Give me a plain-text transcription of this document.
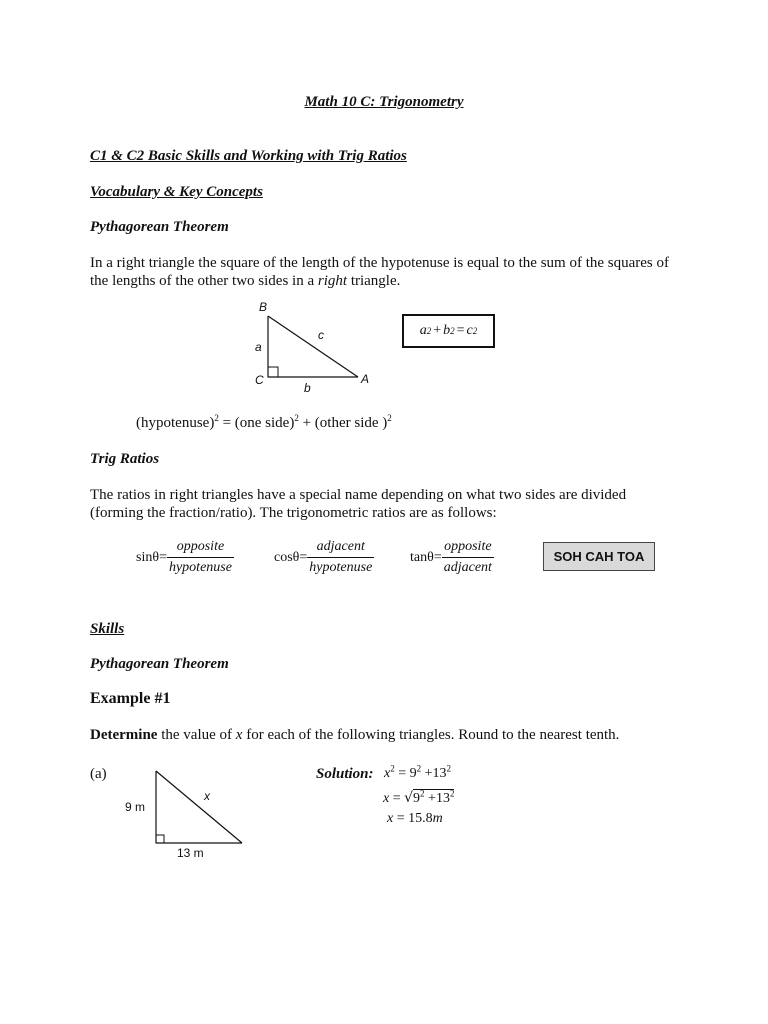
Math 10 C: Trigonometry
C1 & C2 Basic Skills and Working with Trig Ratios
Vocabulary & Key Concepts
Pythagorean Theorem
In a right triangle the square of the length of the hypotenuse is equal to the sum of the squares of
the lengths of the other two sides in a right triangle.
B
c
a
C	A
b
a 2 + b 2 = c 2
(hypotenuse)$^2$ = (one side)$^2$ + (other side )$^2$
Trig Ratios
The ratios in right triangles have a special name depending on what two sides are divided
(forming the fraction/ratio). The trigonometric ratios are as follows:
$\sin\theta= \frac{\text{opposite}}{\text{hypotenuse}}$	$\cos\theta= \frac{\text{adjacent}}{\text{hypotenuse}}$	$\tan\theta= \frac{\text{opposite}}{\text{adjacent}}$	SOH CAH TOA
Skills
Pythagorean Theorem
Example #1
Determine the value of x for each of the following triangles. Round to the nearest tenth.
(a)
9 m
x
13 m
Solution: $x^2 = 9^2 +13^2$
$x = √9^2 +13^2$
x = 15.8m
